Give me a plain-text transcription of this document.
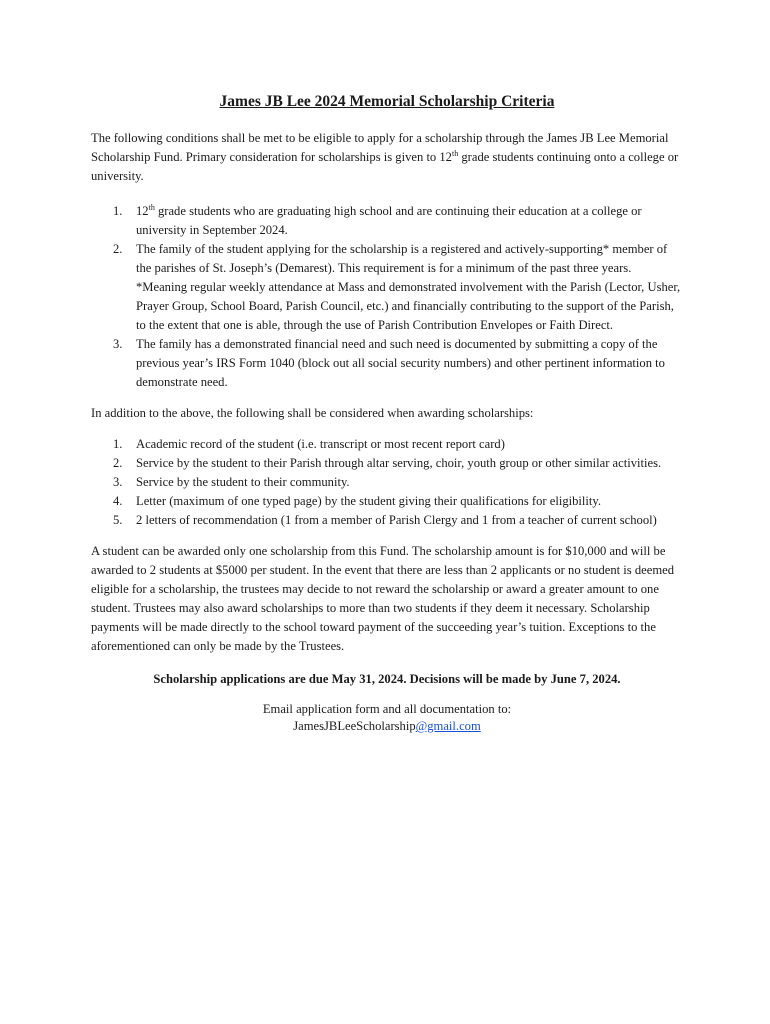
James JB Lee 2024 Memorial Scholarship Criteria

The following conditions shall be met to be eligible to apply for a scholarship through the James JB Lee Memorial Scholarship Fund. Primary consideration for scholarships is given to 12th grade students continuing onto a college or university.

1. 12th grade students who are graduating high school and are continuing their education at a college or university in September 2024.
2. The family of the student applying for the scholarship is a registered and actively-supporting* member of the parishes of St. Joseph’s (Demarest). This requirement is for a minimum of the past three years.
*Meaning regular weekly attendance at Mass and demonstrated involvement with the Parish (Lector, Usher, Prayer Group, School Board, Parish Council, etc.) and financially contributing to the support of the Parish, to the extent that one is able, through the use of Parish Contribution Envelopes or Faith Direct.
3. The family has a demonstrated financial need and such need is documented by submitting a copy of the previous year’s IRS Form 1040 (block out all social security numbers) and other pertinent information to demonstrate need.

In addition to the above, the following shall be considered when awarding scholarships:

1. Academic record of the student (i.e. transcript or most recent report card)
2. Service by the student to their Parish through altar serving, choir, youth group or other similar activities.
3. Service by the student to their community.
4. Letter (maximum of one typed page) by the student giving their qualifications for eligibility.
5. 2 letters of recommendation (1 from a member of Parish Clergy and 1 from a teacher of current school)

A student can be awarded only one scholarship from this Fund. The scholarship amount is for $10,000 and will be awarded to 2 students at $5000 per student. In the event that there are less than 2 applicants or no student is deemed eligible for a scholarship, the trustees may decide to not reward the scholarship or award a greater amount to one student. Trustees may also award scholarships to more than two students if they deem it necessary. Scholarship payments will be made directly to the school toward payment of the succeeding year’s tuition. Exceptions to the aforementioned can only be made by the Trustees.

Scholarship applications are due May 31, 2024. Decisions will be made by June 7, 2024.
Email application form and all documentation to:
JamesJBLeeScholarship@gmail.com
